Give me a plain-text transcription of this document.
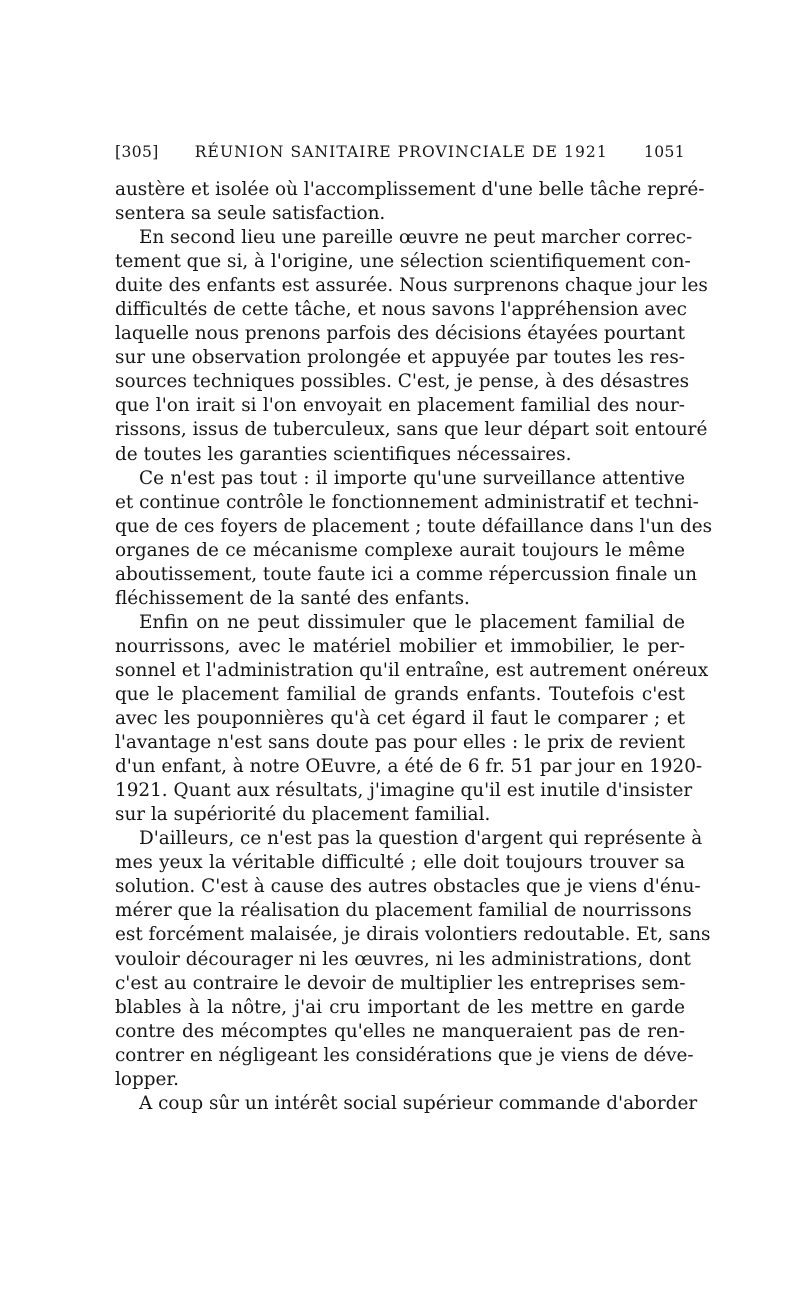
[305] RÉUNION SANITAIRE PROVINCIALE DE 1921 1051
austère et isolée où l'accomplissement d'une belle tâche repré-
sentera sa seule satisfaction.
En second lieu une pareille œuvre ne peut marcher correc-
tement que si, à l'origine, une sélection scientifiquement con-
duite des enfants est assurée. Nous surprenons chaque jour les
difficultés de cette tâche, et nous savons l'appréhension avec
laquelle nous prenons parfois des décisions étayées pourtant
sur une observation prolongée et appuyée par toutes les res-
sources techniques possibles. C'est, je pense, à des désastres
que l'on irait si l'on envoyait en placement familial des nour-
rissons, issus de tuberculeux, sans que leur départ soit entouré
de toutes les garanties scientifiques nécessaires.
Ce n'est pas tout : il importe qu'une surveillance attentive
et continue contrôle le fonctionnement administratif et techni-
que de ces foyers de placement ; toute défaillance dans l'un des
organes de ce mécanisme complexe aurait toujours le même
aboutissement, toute faute ici a comme répercussion finale un
fléchissement de la santé des enfants.
Enfin on ne peut dissimuler que le placement familial de
nourrissons, avec le matériel mobilier et immobilier, le per-
sonnel et l'administration qu'il entraîne, est autrement onéreux
que le placement familial de grands enfants. Toutefois c'est
avec les pouponnières qu'à cet égard il faut le comparer ; et
l'avantage n'est sans doute pas pour elles : le prix de revient
d'un enfant, à notre OEuvre, a été de 6 fr. 51 par jour en 1920-
1921. Quant aux résultats, j'imagine qu'il est inutile d'insister
sur la supériorité du placement familial.
D'ailleurs, ce n'est pas la question d'argent qui représente à
mes yeux la véritable difficulté ; elle doit toujours trouver sa
solution. C'est à cause des autres obstacles que je viens d'énu-
mérer que la réalisation du placement familial de nourrissons
est forcément malaisée, je dirais volontiers redoutable. Et, sans
vouloir décourager ni les œuvres, ni les administrations, dont
c'est au contraire le devoir de multiplier les entreprises sem-
blables à la nôtre, j'ai cru important de les mettre en garde
contre des mécomptes qu'elles ne manqueraient pas de ren-
contrer en négligeant les considérations que je viens de déve-
lopper.
A coup sûr un intérêt social supérieur commande d'aborder
